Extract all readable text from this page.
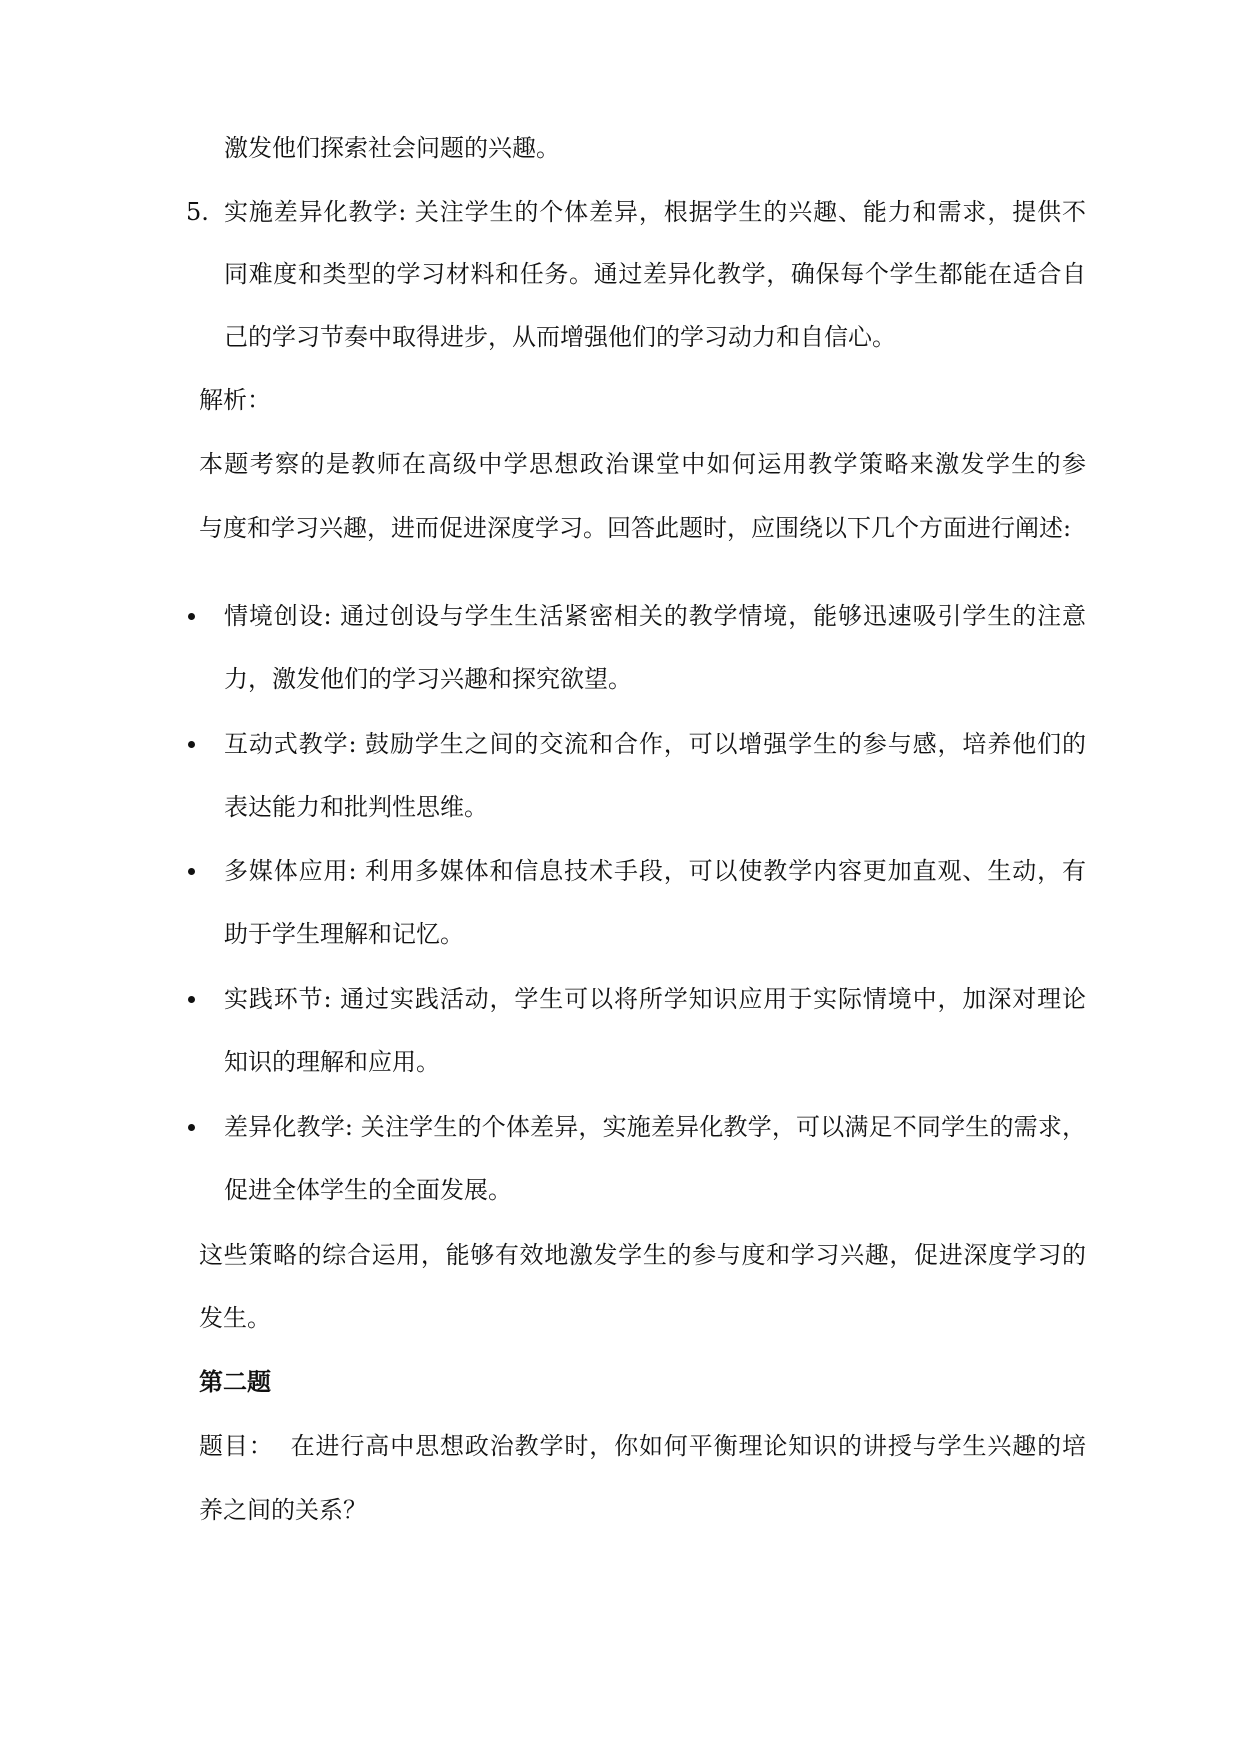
激发他们探索社会问题的兴趣。
5. 实施差异化教学: 关注学生的个体差异，根据学生的兴趣、能力和需求，提供不
同难度和类型的学习材料和任务。通过差异化教学，确保每个学生都能在适合自
己的学习节奏中取得进步，从而增强他们的学习动力和自信心。
解析：
本题考察的是教师在高级中学思想政治课堂中如何运用教学策略来激发学生的参
与度和学习兴趣，进而促进深度学习。回答此题时，应围绕以下几个方面进行阐述:
情境创设: 通过创设与学生生活紧密相关的教学情境，能够迅速吸引学生的注意
力，激发他们的学习兴趣和探究欲望。
互动式教学: 鼓励学生之间的交流和合作，可以增强学生的参与感，培养他们的
表达能力和批判性思维。
多媒体应用: 利用多媒体和信息技术手段，可以使教学内容更加直观、生动，有
助于学生理解和记忆。
实践环节: 通过实践活动，学生可以将所学知识应用于实际情境中，加深对理论
知识的理解和应用。
差异化教学: 关注学生的个体差异，实施差异化教学，可以满足不同学生的需求，
促进全体学生的全面发展。
这些策略的综合运用，能够有效地激发学生的参与度和学习兴趣，促进深度学习的
发生。
第二题
题目：  在进行高中思想政治教学时，你如何平衡理论知识的讲授与学生兴趣的培
养之间的关系？
